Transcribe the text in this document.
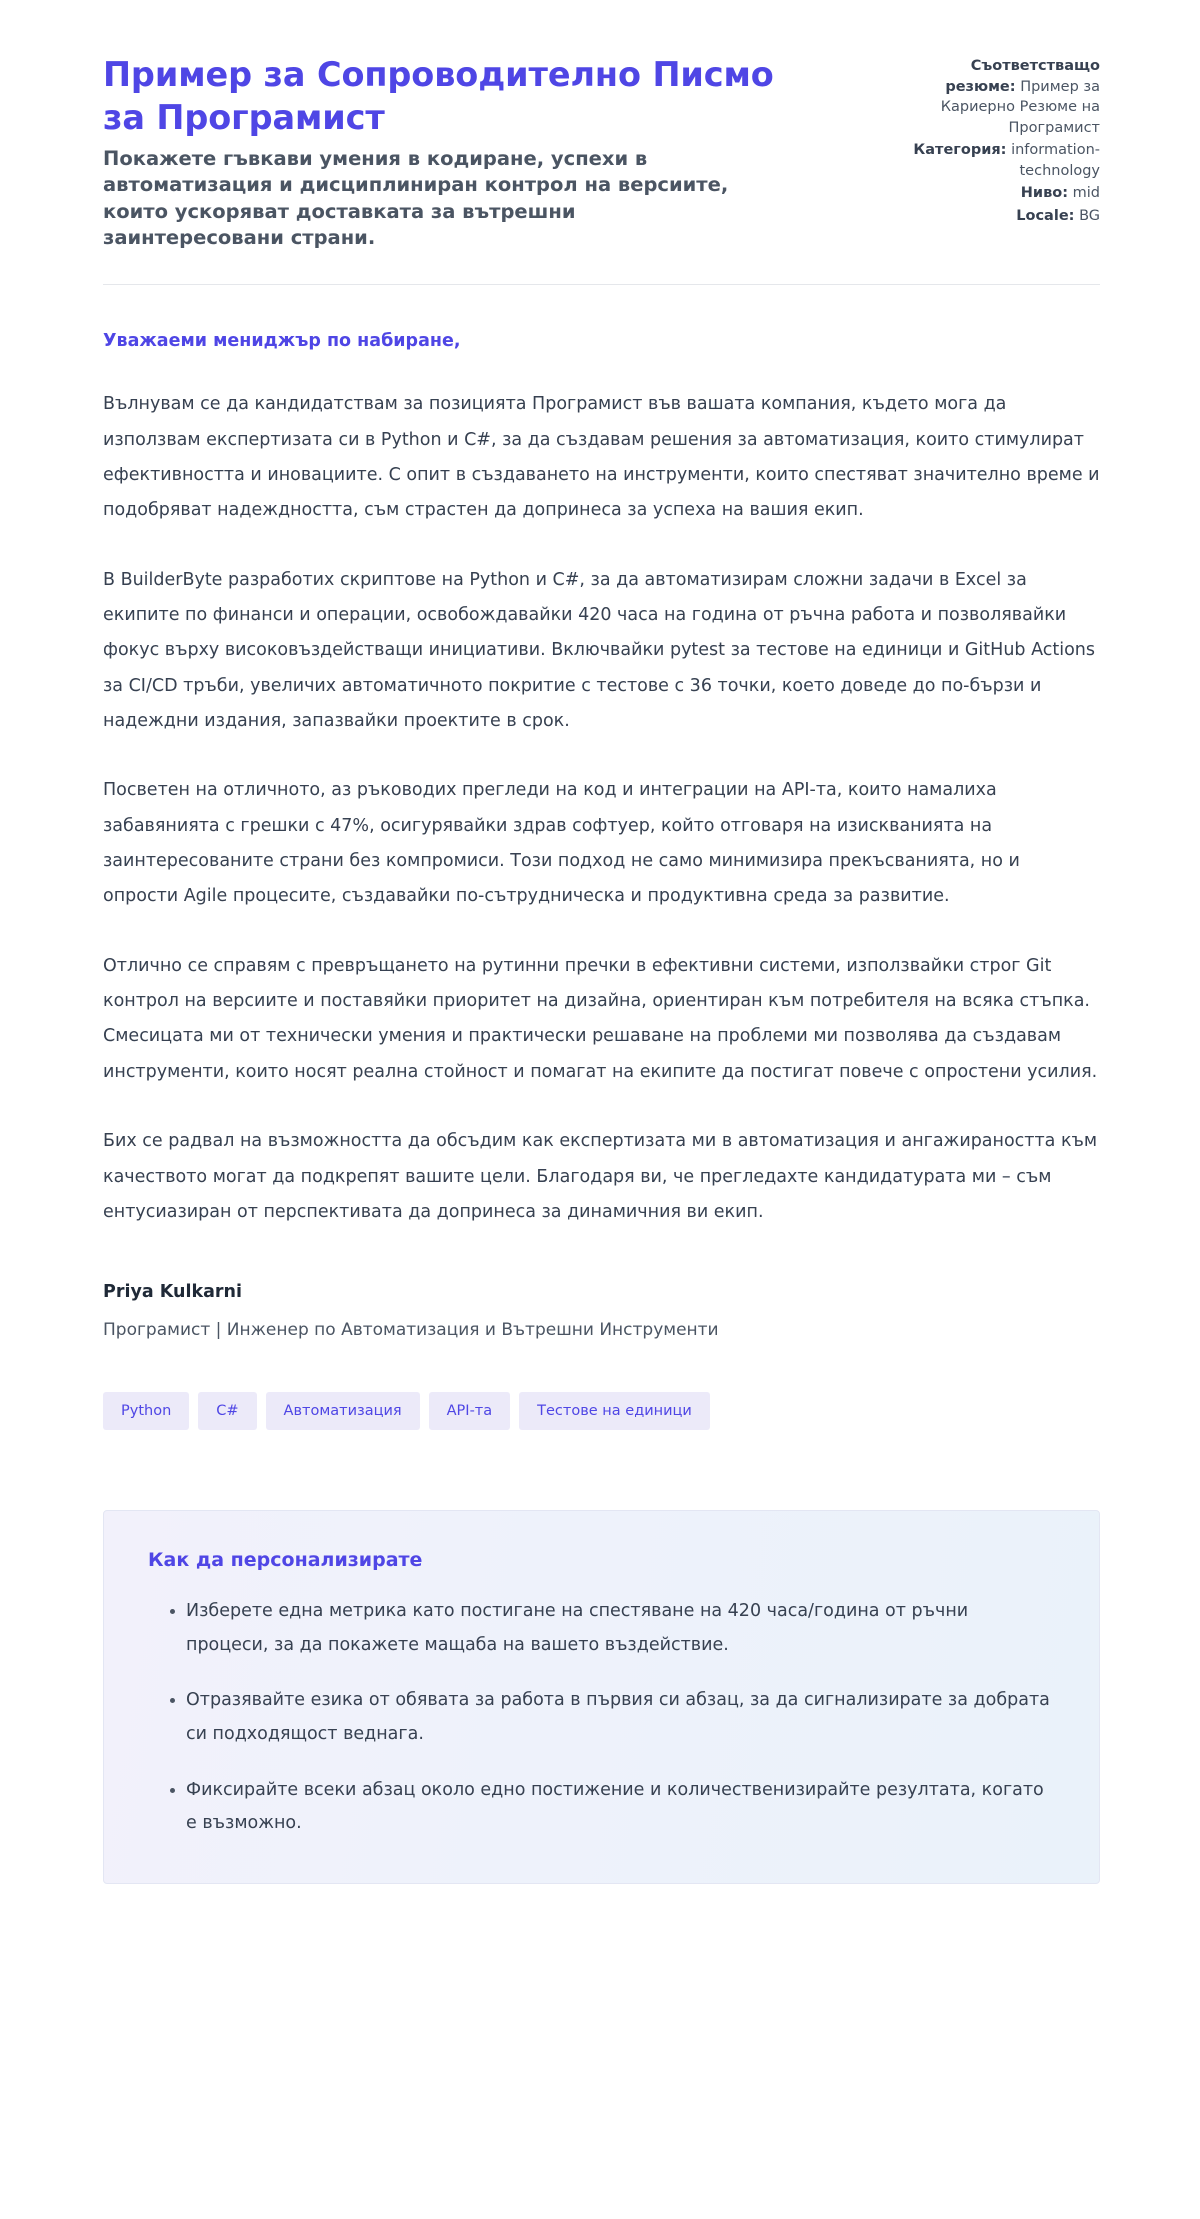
Пример за Сопроводително Писмо за Програмист

Покажете гъвкави умения в кодиране, успехи в автоматизация и дисциплиниран контрол на версиите, които ускоряват доставката за вътрешни заинтересовани страни.

Съответстващо резюме: Пример за Кариерно Резюме на Програмист
Категория: information-technology
Ниво: mid
Locale: BG

Уважаеми мениджър по набиране,

Вълнувам се да кандидатствам за позицията Програмист във вашата компания, където мога да използвам експертизата си в Python и C#, за да създавам решения за автоматизация, които стимулират ефективността и иновациите. С опит в създаването на инструменти, които спестяват значително време и подобряват надеждността, съм страстен да допринеса за успеха на вашия екип.

В BuilderByte разработих скриптове на Python и C#, за да автоматизирам сложни задачи в Excel за екипите по финанси и операции, освобождавайки 420 часа на година от ръчна работа и позволявайки фокус върху високовъздействащи инициативи. Включвайки pytest за тестове на единици и GitHub Actions за CI/CD тръби, увеличих автоматичното покритие с тестове с 36 точки, което доведе до по-бързи и надеждни издания, запазвайки проектите в срок.

Посветен на отличното, аз ръководих прегледи на код и интеграции на API-та, които намалиха забавянията с грешки с 47%, осигурявайки здрав софтуер, който отговаря на изискванията на заинтересованите страни без компромиси. Този подход не само минимизира прекъсванията, но и опрости Agile процесите, създавайки по-сътрудническа и продуктивна среда за развитие.

Отлично се справям с превръщането на рутинни пречки в ефективни системи, използвайки строг Git контрол на версиите и поставяйки приоритет на дизайна, ориентиран към потребителя на всяка стъпка. Смесицата ми от технически умения и практически решаване на проблеми ми позволява да създавам инструменти, които носят реална стойност и помагат на екипите да постигат повече с опростени усилия.

Бих се радвал на възможността да обсъдим как експертизата ми в автоматизация и ангажираността към качеството могат да подкрепят вашите цели. Благодаря ви, че прегледахте кандидатурата ми – съм ентусиазиран от перспективата да допринеса за динамичния ви екип.

Priya Kulkarni

Програмист | Инженер по Автоматизация и Вътрешни Инструменти

Python	C#	Автоматизация	API-та	Тестове на единици
Как да персонализирате
Изберете една метрика като постигане на спестяване на 420 часа/година от ръчни процеси, за да покажете мащаба на вашето въздействие.
Отразявайте езика от обявата за работа в първия си абзац, за да сигнализирате за добрата си подходящост веднага.
Фиксирайте всеки абзац около едно постижение и количественизирайте резултата, когато е възможно.
